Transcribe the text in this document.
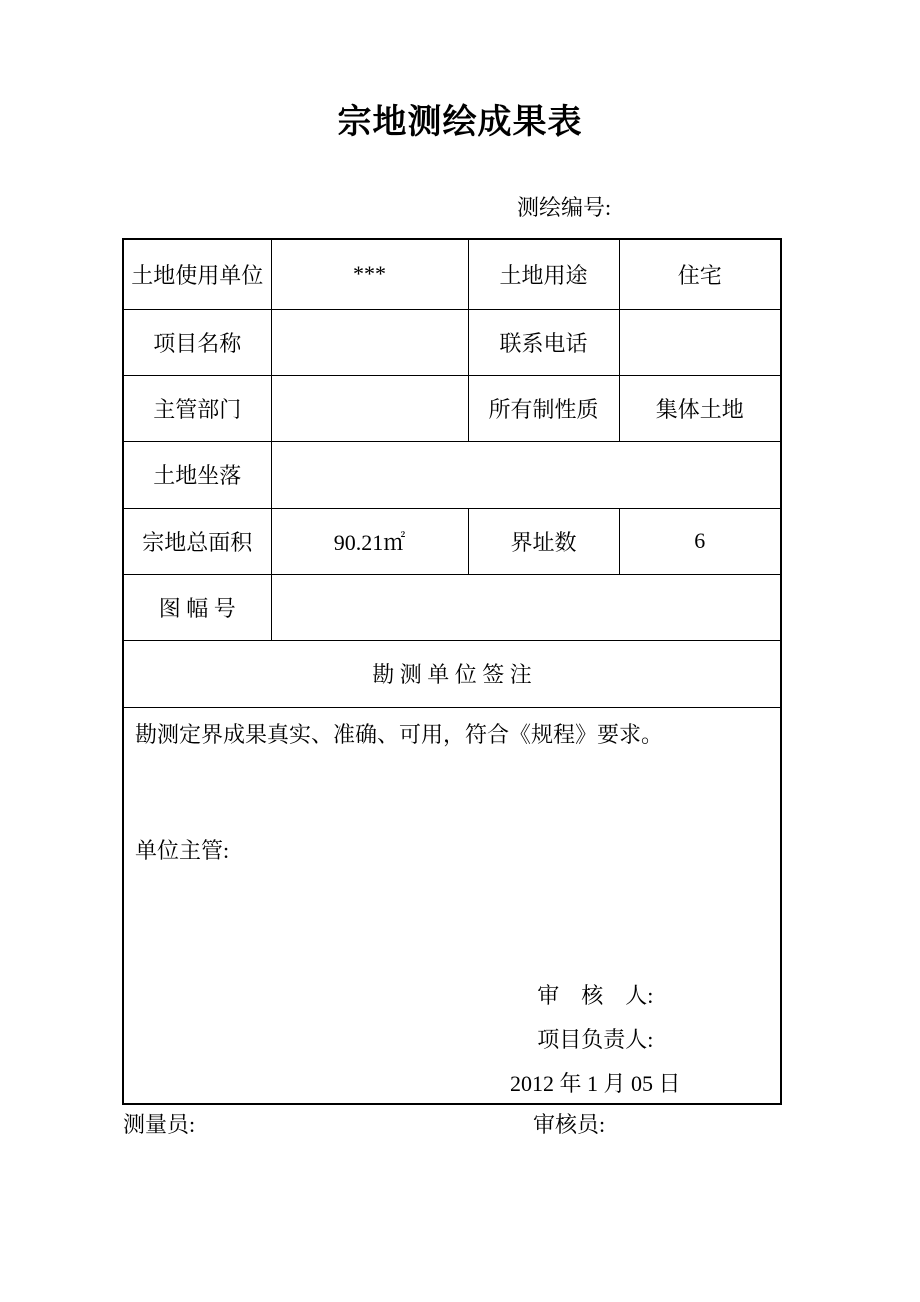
宗地测绘成果表
测绘编号:
土地使用单位	***	土地用途	住宅
项目名称		联系电话	
主管部门		所有制性质	集体土地
土地坐落			
宗地总面积	90.21㎡	界址数	6
图 幅 号			
勘 测 单 位 签 注			

勘测定界成果真实、准确、可用，符合《规程》要求。
单位主管:
审　核　人:
项目负责人:
2012 年 1 月 05 日			
测量员:	审核员:
